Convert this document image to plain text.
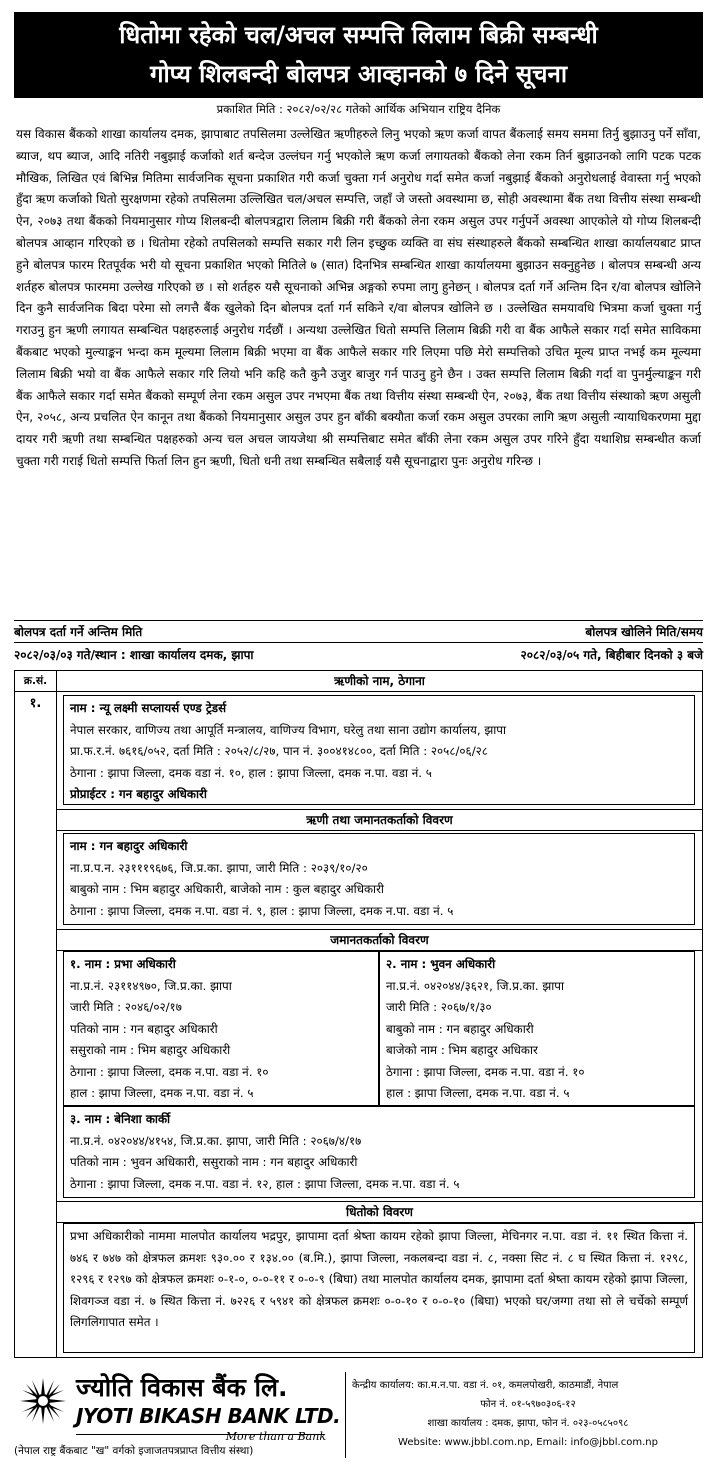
धितोमा रहेको चल/अचल सम्पत्ति लिलाम बिक्री सम्बन्धी
गोप्य शिलबन्दी बोलपत्र आव्हानको ७ दिने सूचना
प्रकाशित मिति : २०८२/०२/२८ गतेको आर्थिक अभियान राष्ट्रिय दैनिक
यस विकास बैंकको शाखा कार्यालय दमक, झापाबाट तपसिलमा उल्लेखित ऋणीहरुले लिनु भएको ऋण कर्जा वापत बैंकलाई समय सममा तिर्नु बुझाउनु पर्ने साँवा, ब्याज, थप ब्याज, आदि नतिरी नबुझाई कर्जाको शर्त बन्देज उल्लंघन गर्नु भएकोले ऋण कर्जा लगायतको बैंकको लेना रकम तिर्न बुझाउनको लागि पटक पटक मौखिक, लिखित एवं बिभिन्न मितिमा सार्वजनिक सूचना प्रकाशित गरी कर्जा चुक्ता गर्न अनुरोध गर्दा समेत कर्जा नबुझाई बैंकको अनुरोधलाई वेवास्ता गर्नु भएको हुँदा ऋण कर्जाको धितो सुरक्षणमा रहेको तपसिलमा उल्लिखित चल/अचल सम्पत्ति, जहाँ जे जस्तो अवस्थामा छ, सोही अवस्थामा बैंक तथा वित्तीय संस्था सम्बन्धी ऐन, २०७३ तथा बैंकको नियमानुसार गोप्य शिलबन्दी बोलपत्रद्वारा लिलाम बिक्री गरी बैंकको लेना रकम असुल उपर गर्नुपर्ने अवस्था आएकोले यो गोप्य शिलबन्दी बोलपत्र आव्हान गरिएको छ । धितोमा रहेको तपसिलको सम्पत्ति सकार गरी लिन इच्छुक व्यक्ति वा संघ संस्थाहरुले बैंकको सम्बन्धित शाखा कार्यालयबाट प्राप्त हुने बोलपत्र फारम रितपूर्वक भरी यो सूचना प्रकाशित भएको मितिले ७ (सात) दिनभित्र सम्बन्धित शाखा कार्यालयमा बुझाउन सक्नुहुनेछ । बोलपत्र सम्बन्धी अन्य शर्तहरु बोलपत्र फारममा उल्लेख गरिएको छ । सो शर्तहरु यसै सूचनाको अभिन्न अङ्गको रुपमा लागु हुनेछन् । बोलपत्र दर्ता गर्ने अन्तिम दिन र/वा बोलपत्र खोलिने दिन कुनै सार्वजनिक बिदा परेमा सो लगत्तै बैंक खुलेको दिन बोलपत्र दर्ता गर्न सकिने र/वा बोलपत्र खोलिने छ । उल्लेखित समयावधि भित्रमा कर्जा चुक्ता गर्नु गराउनु हुन ऋणी लगायत सम्बन्धित पक्षहरुलाई अनुरोध गर्दछौं । अन्यथा उल्लेखित धितो सम्पत्ति लिलाम बिक्री गरी वा बैंक आफैले सकार गर्दा समेत साविकमा बैंकबाट भएको मुल्याङ्कन भन्दा कम मूल्यमा लिलाम बिक्री भएमा वा बैंक आफैले सकार गरि लिएमा पछि मेरो सम्पत्तिको उचित मूल्य प्राप्त नभई कम मूल्यमा लिलाम बिक्री भयो वा बैंक आफैले सकार गरि लियो भनि कहि कतै कुनै उजुर बाजुर गर्न पाउनु हुने छैन । उक्त सम्पत्ति लिलाम बिक्री गर्दा वा पुनर्मुल्याङ्कन गरी बैंक आफैले सकार गर्दा समेत बैंकको सम्पूर्ण लेना रकम असुल उपर नभएमा बैंक तथा वित्तीय संस्था सम्बन्धी ऐन, २०७३, बैंक तथा वित्तीय संस्थाको ऋण असुली ऐन, २०५८, अन्य प्रचलित ऐन कानून तथा बैंकको नियमानुसार असुल उपर हुन बाँकी बक्यौता कर्जा रकम असुल उपरका लागि ऋण असुली न्यायाधिकरणमा मुद्दा दायर गरी ऋणी तथा सम्बन्धित पक्षहरुको अन्य चल अचल जायजेथा श्री सम्पत्तिबाट समेत बाँकी लेना रकम असुल उपर गरिने हुँदा यथाशिघ्र सम्बन्धीत कर्जा चुक्ता गरी गराई धितो सम्पत्ति फिर्ता लिन हुन ऋणी, धितो धनी तथा सम्बन्धित सबैलाई यसै सूचनाद्वारा पुनः अनुरोध गरिन्छ ।
बोलपत्र दर्ता गर्ने अन्तिम मिति	बोलपत्र खोलिने मिति/समय
२०८२/०३/०३ गते/स्थान : शाखा कार्यालय दमक, झापा	२०८२/०३/०५ गते, बिहीबार दिनको ३ बजे
क्र.सं.
१.
ऋणीको नाम, ठेगाना
नाम : न्यू लक्ष्मी सप्लायर्स एण्ड ट्रेडर्स
नेपाल सरकार, वाणिज्य तथा आपूर्ति मन्त्रालय, वाणिज्य विभाग, घरेलु तथा साना उद्योग कार्यालय, झापा
प्रा.फ.र.नं. ७६१६/०५२, दर्ता मिति : २०५२/८/२७, पान नं. ३००४१४८००, दर्ता मिति : २०५८/०६/२८
ठेगाना : झापा जिल्ला, दमक वडा नं. १०, हाल : झापा जिल्ला, दमक न.पा. वडा नं. ५
प्रोप्राईटर : गन बहादुर अधिकारी
ऋणी तथा जमानतकर्ताको विवरण
नाम : गन बहादुर अधिकारी
ना.प्र.प.न. २३१११९६७६, जि.प्र.का. झापा, जारी मिति : २०३९/१०/२०
बाबुको नाम : भिम बहादुर अधिकारी, बाजेको नाम : कुल बहादुर अधिकारी
ठेगाना : झापा जिल्ला, दमक न.पा. वडा नं. ९, हाल : झापा जिल्ला, दमक न.पा. वडा नं. ५
जमानतकर्ताको विवरण
१. नाम : प्रभा अधिकारी
ना.प्र.नं. २३११४९७०, जि.प्र.का. झापा
जारी मिति : २०४६/०२/१७
पतिको नाम : गन बहादुर अधिकारी
ससुराको नाम : भिम बहादुर अधिकारी
ठेगाना : झापा जिल्ला, दमक न.पा. वडा नं. १०
हाल : झापा जिल्ला, दमक न.पा. वडा नं. ५
२. नाम : भुवन अधिकारी
ना.प्र.नं. ०४२०४४/३६२१, जि.प्र.का. झापा
जारी मिति : २०६७/१/३०
बाबुको नाम : गन बहादुर अधिकारी
बाजेको नाम : भिम बहादुर अधिकार
ठेगाना : झापा जिल्ला, दमक न.पा. वडा नं. १०
हाल : झापा जिल्ला, दमक न.पा. वडा नं. ५
३. नाम : बेनिशा कार्की
ना.प्र.नं. ०४२०४४/४१५४, जि.प्र.का. झापा, जारी मिति : २०६७/४/१७
पतिको नाम : भुवन अधिकारी, ससुराको नाम : गन बहादुर अधिकारी
ठेगाना : झापा जिल्ला, दमक न.पा. वडा नं. १२, हाल : झापा जिल्ला, दमक न.पा. वडा नं. ५
धितोको विवरण
प्रभा अधिकारीको नाममा मालपोत कार्यालय भद्रपुर, झापामा दर्ता श्रेष्ता कायम रहेको झापा जिल्ला, मेचिनगर न.पा. वडा नं. ११ स्थित कित्ता नं. ७४६ र ७४७ को क्षेत्रफल क्रमशः ९३०.०० र १३४.०० (ब.मि.), झापा जिल्ला, नकलबन्दा वडा नं. ८, नक्सा सिट नं. ८ घ स्थित कित्ता नं. १२९८, १२९६ र १२९७ को क्षेत्रफल क्रमशः ०-१-०, ०-०-११ र ०-०-९ (बिघा) तथा मालपोत कार्यालय दमक, झापामा दर्ता श्रेष्ता कायम रहेको झापा जिल्ला, शिवगञ्ज वडा नं. ७ स्थित कित्ता नं. ७२२६ र ५९४१ को क्षेत्रफल क्रमशः ०-०-१० र ०-०-१० (बिघा) भएको घर/जग्गा तथा सो ले चर्चेको सम्पूर्ण लिगलिगापात समेत ।
ज्योति विकास बैंक लि.
JYOTI BIKASH BANK LTD.
More than a Bank
(नेपाल राष्ट्र बैंकबाट "ख" वर्गको इजाजतपत्रप्राप्त वित्तीय संस्था)
केन्द्रीय कार्यालय: का.म.न.पा. वडा नं. ०१, कमलपोखरी, काठमाडौं, नेपाल
फोन नं. ०१-५९७०३०६-१२
शाखा कार्यालय : दमक, झापा, फोन नं. ०२३-०५८५०९८
Website: www.jbbl.com.np, Email: info@jbbl.com.np
